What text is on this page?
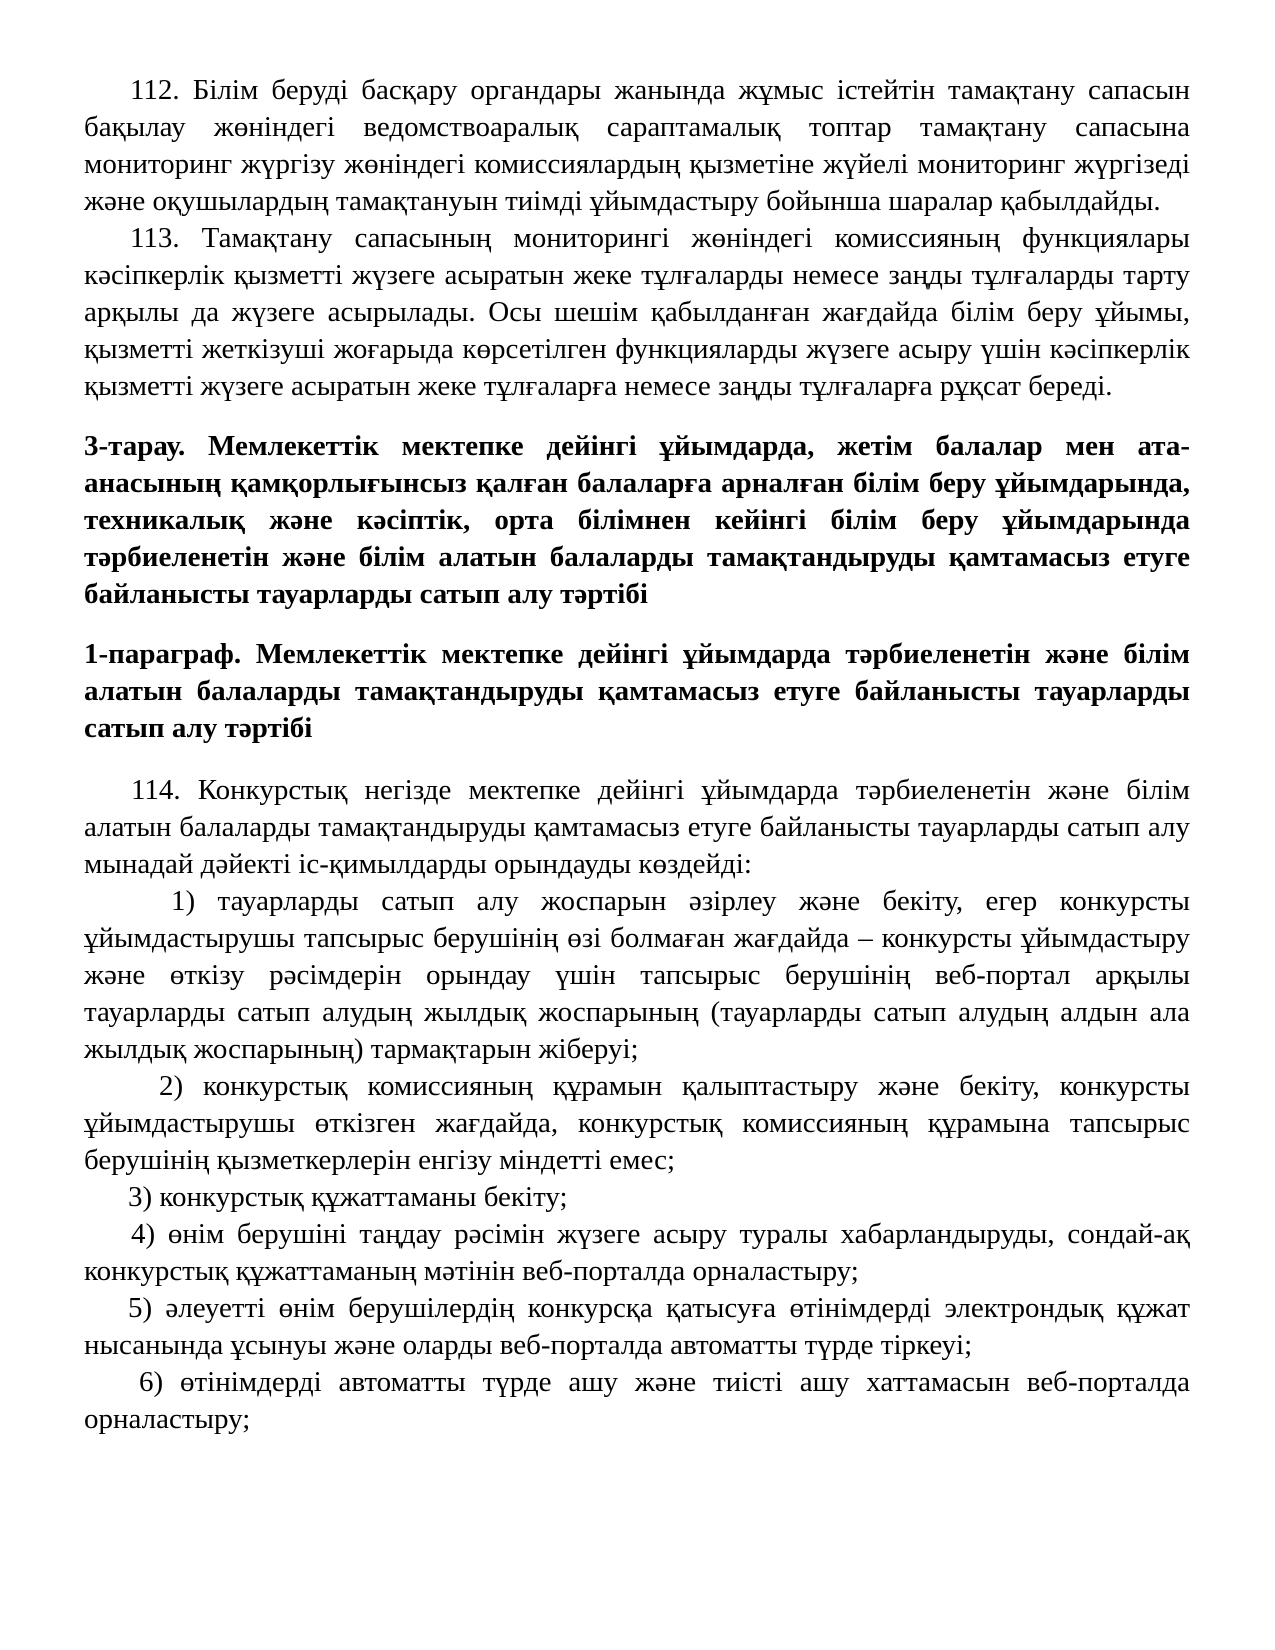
112. Білім беруді басқару органдары жанында жұмыс істейтін тамақтану сапасын бақылау жөніндегі ведомствоаралық сараптамалық топтар тамақтану сапасына мониторинг жүргізу жөніндегі комиссиялардың қызметіне жүйелі мониторинг жүргізеді және оқушылардың тамақтануын тиімді ұйымдастыру бойынша шаралар қабылдайды.

113. Тамақтану сапасының мониторингі жөніндегі комиссияның функциялары кәсіпкерлік қызметті жүзеге асыратын жеке тұлғаларды немесе заңды тұлғаларды тарту арқылы да жүзеге асырылады. Осы шешім қабылданған жағдайда білім беру ұйымы, қызметті жеткізуші жоғарыда көрсетілген функцияларды жүзеге асыру үшін кәсіпкерлік қызметті жүзеге асыратын жеке тұлғаларға немесе заңды тұлғаларға рұқсат береді.

3-тарау. Мемлекеттік мектепке дейінгі ұйымдарда, жетім балалар мен ата-анасының қамқорлығынсыз қалған балаларға арналған білім беру ұйымдарында, техникалық және кәсіптік, орта білімнен кейінгі білім беру ұйымдарында тәрбиеленетін және білім алатын балаларды тамақтандыруды қамтамасыз етуге байланысты тауарларды сатып алу тәртібі

1-параграф. Мемлекеттік мектепке дейінгі ұйымдарда тәрбиеленетін және білім алатын балаларды тамақтандыруды қамтамасыз етуге байланысты тауарларды сатып алу тәртібі

114. Конкурстық негізде мектепке дейінгі ұйымдарда тәрбиеленетін және білім алатын балаларды тамақтандыруды қамтамасыз етуге байланысты тауарларды сатып алу мынадай дәйекті іс-қимылдарды орындауды көздейді:

1) тауарларды сатып алу жоспарын әзірлеу және бекіту, егер конкурсты ұйымдастырушы тапсырыс берушінің өзі болмаған жағдайда – конкурсты ұйымдастыру және өткізу рәсімдерін орындау үшін тапсырыс берушінің веб-портал арқылы тауарларды сатып алудың жылдық жоспарының (тауарларды сатып алудың алдын ала жылдық жоспарының) тармақтарын жіберуі;

2) конкурстық комиссияның құрамын қалыптастыру және бекіту, конкурсты ұйымдастырушы өткізген жағдайда, конкурстық комиссияның құрамына тапсырыс берушінің қызметкерлерін енгізу міндетті емес;

3) конкурстық құжаттаманы бекіту;

4) өнім берушіні таңдау рәсімін жүзеге асыру туралы хабарландыруды, сондай-ақ конкурстық құжаттаманың мәтінін веб-порталда орналастыру;

5) әлеуетті өнім берушілердің конкурсқа қатысуға өтінімдерді электрондық құжат нысанында ұсынуы және оларды веб-порталда автоматты түрде тіркеуі;

6) өтінімдерді автоматты түрде ашу және тиісті ашу хаттамасын веб-порталда орналастыру;
